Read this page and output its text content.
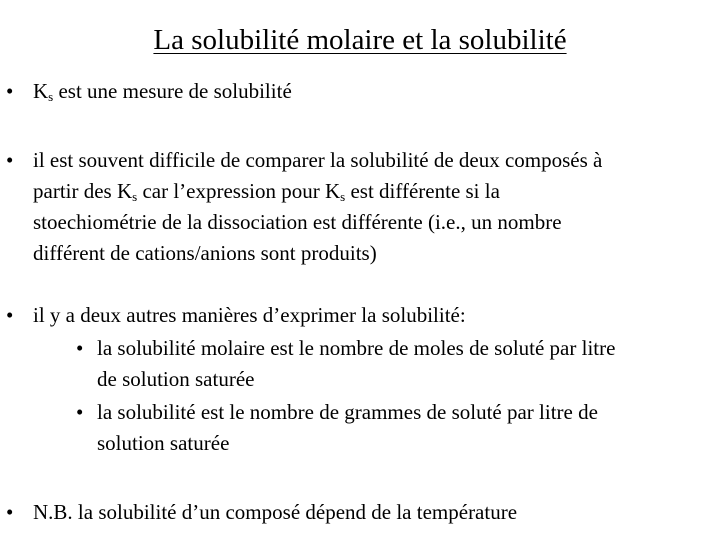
La solubilité molaire et la solubilité
• $K_s$ est une mesure de solubilité
• il est souvent difficile de comparer la solubilité de deux composés à
partir des $K_s$ car l’expression pour $K_s$ est différente si la
stoechiométrie de la dissociation est différente (i.e., un nombre
différent de cations/anions sont produits)
• il y a deux autres manières d’exprimer la solubilité:
• la solubilité molaire est le nombre de moles de soluté par litre
de solution saturée
• la solubilité est le nombre de grammes de soluté par litre de
solution saturée
• N.B. la solubilité d’un composé dépend de la température
